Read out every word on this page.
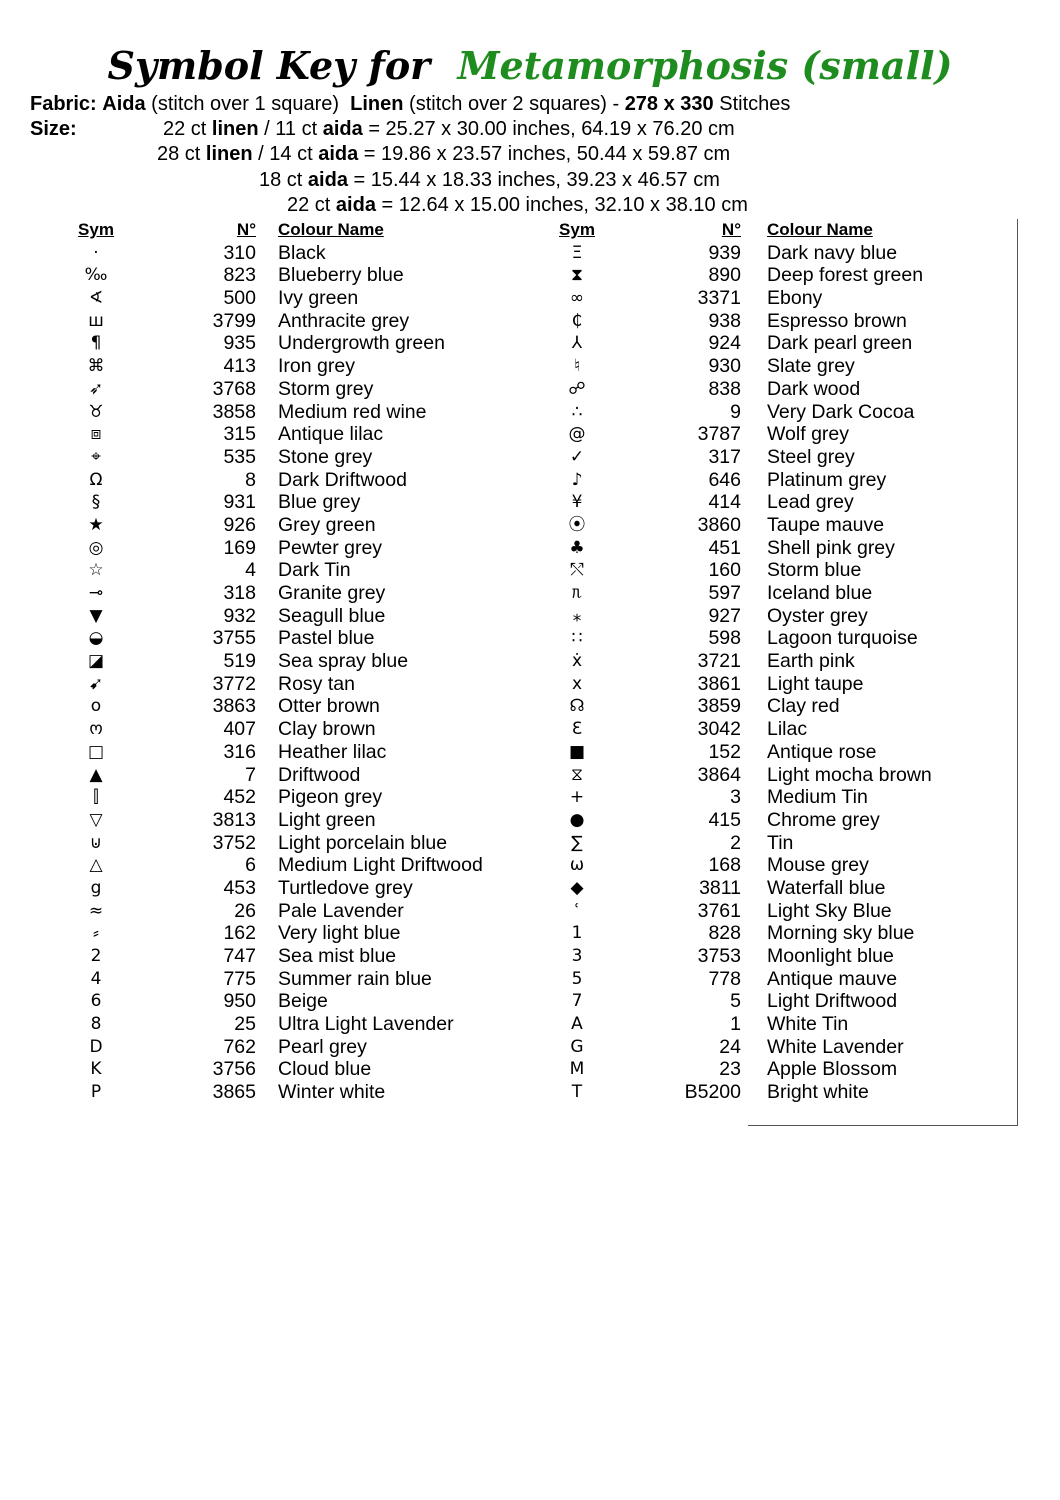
Symbol Key for Metamorphosis (small)
Fabric: Aida (stitch over 1 square) Linen (stitch over 2 squares) - 278 x 330 Stitches
Size:	22 ct linen / 11 ct aida = 25.27 x 30.00 inches, 64.19 x 76.20 cm
28 ct linen / 14 ct aida = 19.86 x 23.57 inches, 50.44 x 59.87 cm
18 ct aida = 15.44 x 18.33 inches, 39.23 x 46.57 cm
22 ct aida = 12.64 x 15.00 inches, 32.10 x 38.10 cm
Sym	N° Colour Name
·	310 Black
‰	823 Blueberry blue
∢	500 Ivy green
ш	3799 Anthracite grey
¶	935 Undergrowth green
⌘	413 Iron grey
➶	3768 Storm grey
♉	3858 Medium red wine
⧈	315 Antique lilac
⌖	535 Stone grey
Ω	8 Dark Driftwood
§	931 Blue grey
★	926 Grey green
◎	169 Pewter grey
☆	4 Dark Tin
⊸	318 Granite grey
▼	932 Seagull blue
◒	3755 Pastel blue
◪	519 Sea spray blue
➹	3772 Rosy tan
o	3863 Otter brown
ო	407 Clay brown
□	316 Heather lilac
▲	7 Driftwood
⫿	452 Pigeon grey
▽	3813 Light green
⊍	3752 Light porcelain blue
△	6 Medium Light Driftwood
g	453 Turtledove grey
≈	26 Pale Lavender
⸗	162 Very light blue
2	747 Sea mist blue
4	775 Summer rain blue
6	950 Beige
8	25 Ultra Light Lavender
D	762 Pearl grey
K	3756 Cloud blue
P	3865 Winter white
Sym	N° Colour Name
Ξ	939 Dark navy blue
⧗	890 Deep forest green
∞	3371 Ebony
₵	938 Espresso brown
⅄	924 Dark pearl green
♮	930 Slate grey
☍	838 Dark wood
∴	9 Very Dark Cocoa
@	3787 Wolf grey
✓	317 Steel grey
♪	646 Platinum grey
¥	414 Lead grey
⦿	3860 Taupe mauve
♣	451 Shell pink grey
⤲	160 Storm blue
ᥰ	597 Iceland blue
⁎	927 Oyster grey
∷	598 Lagoon turquoise
ẋ	3721 Earth pink
x	3861 Light taupe
☊	3859 Clay red
Ɛ	3042 Lilac
■	152 Antique rose
⧖	3864 Light mocha brown
+	3 Medium Tin
●	415 Chrome grey
∑	2 Tin
ω	168 Mouse grey
◆	3811 Waterfall blue
ʿ	3761 Light Sky Blue
1	828 Morning sky blue
3	3753 Moonlight blue
5	778 Antique mauve
7	5 Light Driftwood
A	1 White Tin
G	24 White Lavender
M	23 Apple Blossom
T	B5200 Bright white
